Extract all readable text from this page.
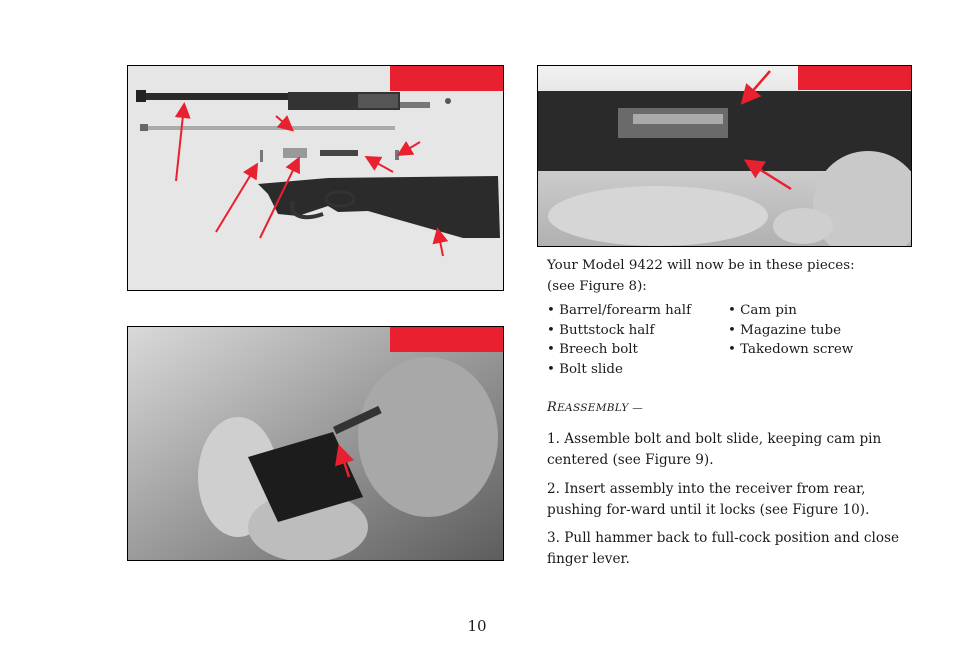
Your Model 9422 will now be in these pieces:
(see Figure 8):
• Barrel/forearm half	• Cam pin
• Buttstock half	• Magazine tube
• Breech bolt	• Takedown screw
• Bolt slide
REASSEMBLY —
1. Assemble bolt and bolt slide, keeping cam pin centered (see Figure 9).
2. Insert assembly into the receiver from rear, pushing for-ward until it locks (see Figure 10).
3. Pull hammer back to full-cock position and close finger lever.
10
